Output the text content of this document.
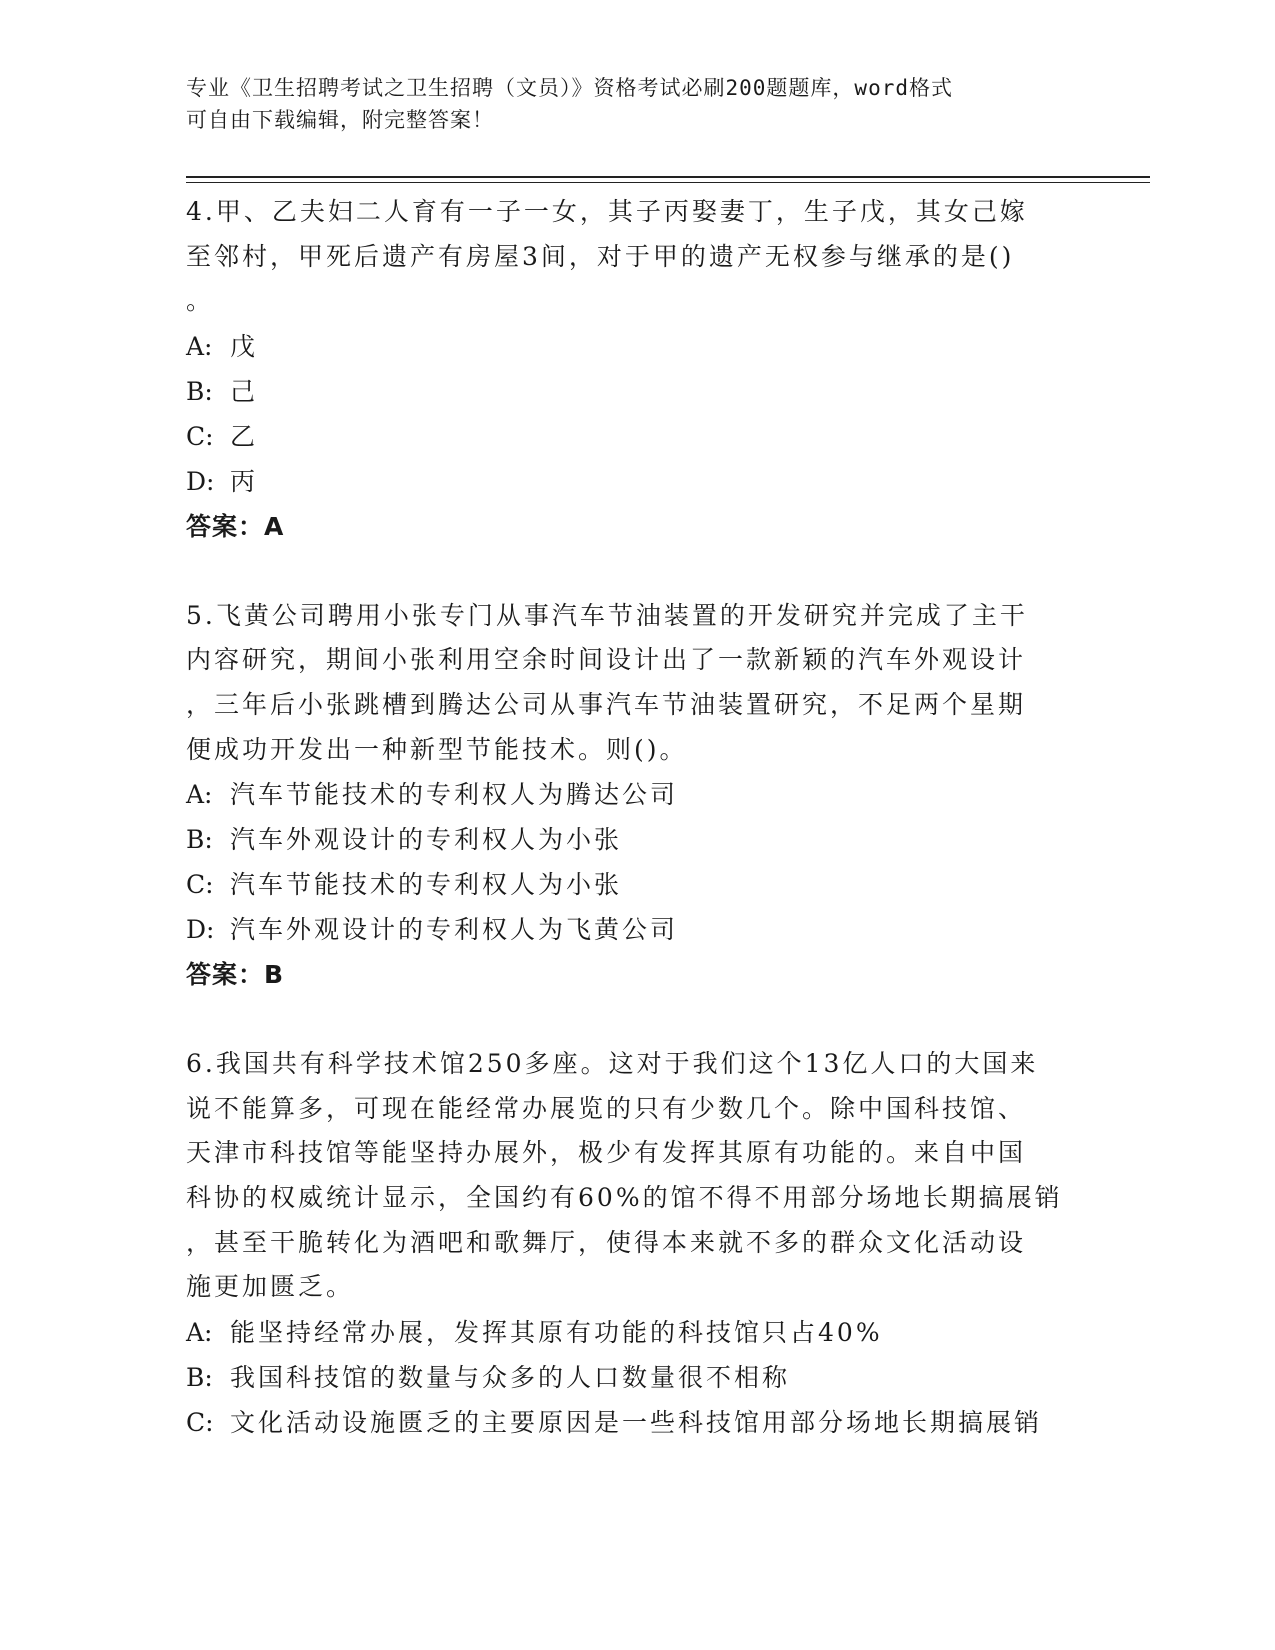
专业《卫生招聘考试之卫生招聘（文员）》资格考试必刷200题题库，word格式
可自由下载编辑，附完整答案！
4.甲、乙夫妇二人育有一子一女，其子丙娶妻丁，生子戊，其女己嫁
至邻村，甲死后遗产有房屋3间，对于甲的遗产无权参与继承的是()
。
A: 戊
B: 己
C: 乙
D: 丙
答案：A
5.飞黄公司聘用小张专门从事汽车节油装置的开发研究并完成了主干
内容研究，期间小张利用空余时间设计出了一款新颖的汽车外观设计
，三年后小张跳槽到腾达公司从事汽车节油装置研究，不足两个星期
便成功开发出一种新型节能技术。则()。
A: 汽车节能技术的专利权人为腾达公司
B: 汽车外观设计的专利权人为小张
C: 汽车节能技术的专利权人为小张
D: 汽车外观设计的专利权人为飞黄公司
答案：B
6.我国共有科学技术馆250多座。这对于我们这个13亿人口的大国来
说不能算多，可现在能经常办展览的只有少数几个。除中国科技馆、
天津市科技馆等能坚持办展外，极少有发挥其原有功能的。来自中国
科协的权威统计显示，全国约有60%的馆不得不用部分场地长期搞展销
，甚至干脆转化为酒吧和歌舞厅，使得本来就不多的群众文化活动设
施更加匮乏。
A: 能坚持经常办展，发挥其原有功能的科技馆只占40%
B: 我国科技馆的数量与众多的人口数量很不相称
C: 文化活动设施匮乏的主要原因是一些科技馆用部分场地长期搞展销
